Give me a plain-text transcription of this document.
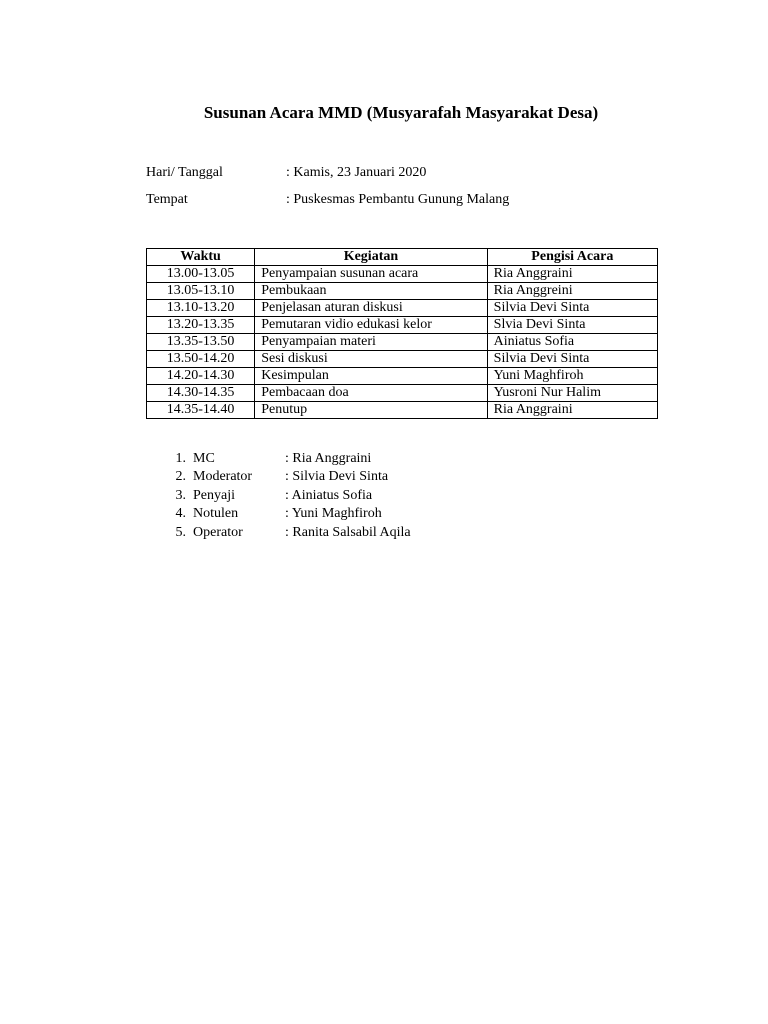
Susunan Acara MMD (Musyarafah Masyarakat Desa)
Hari/ Tanggal	: Kamis, 23 Januari 2020
Tempat	: Puskesmas Pembantu Gunung Malang
Waktu	Kegiatan	Pengisi Acara
13.00-13.05	Penyampaian susunan acara	Ria Anggraini
13.05-13.10	Pembukaan	Ria Anggreini
13.10-13.20	Penjelasan aturan diskusi	Silvia Devi Sinta
13.20-13.35	Pemutaran vidio edukasi kelor	Slvia Devi Sinta
13.35-13.50	Penyampaian materi	Ainiatus Sofia
13.50-14.20	Sesi diskusi	Silvia Devi Sinta
14.20-14.30	Kesimpulan	Yuni Maghfiroh
14.30-14.35	Pembacaan doa	Yusroni Nur Halim
14.35-14.40	Penutup	Ria Anggraini
1. MC	: Ria Anggraini
2. Moderator : Silvia Devi Sinta
3. Penyaji	: Ainiatus Sofia
4. Notulen	: Yuni Maghfiroh
5. Operator	: Ranita Salsabil Aqila
